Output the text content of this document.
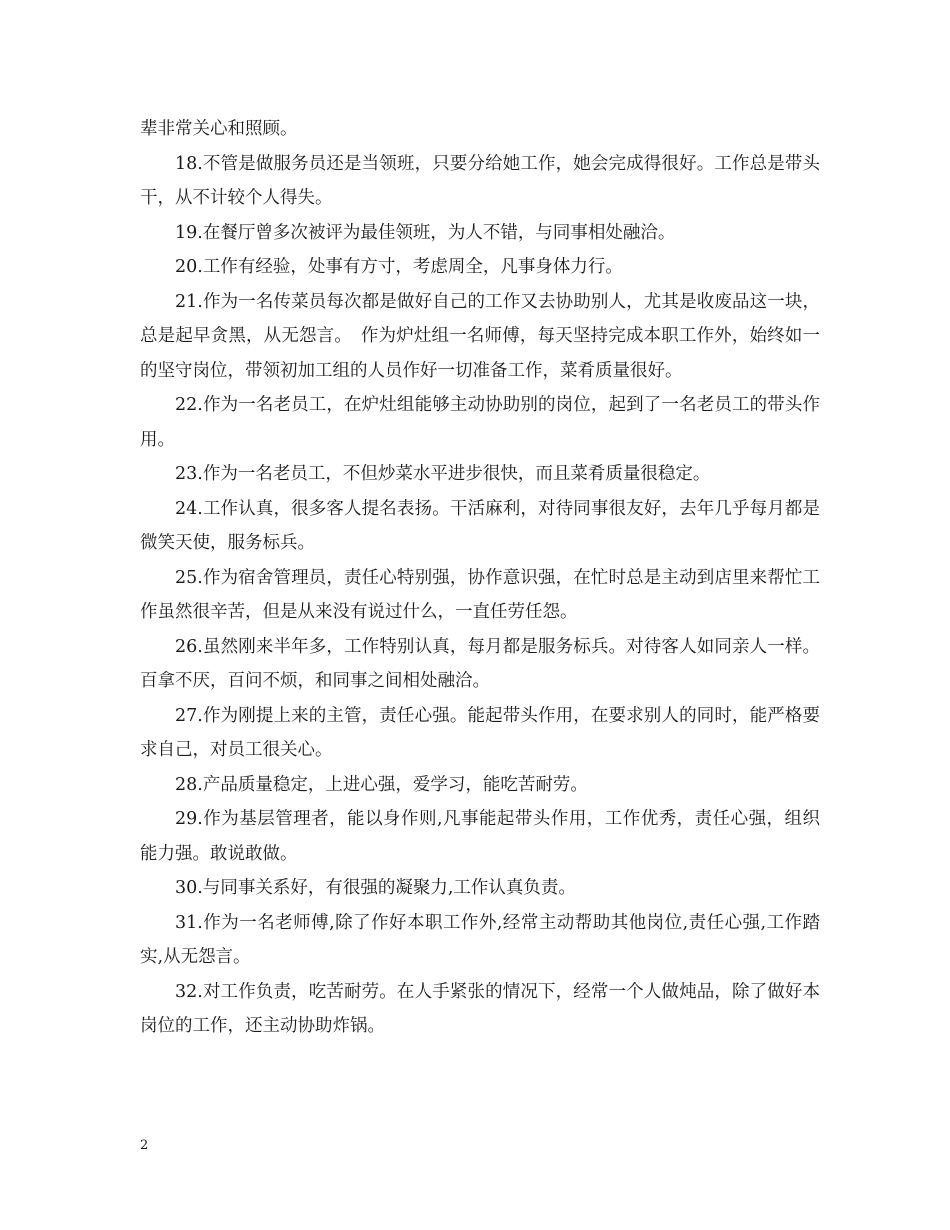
辈非常关心和照顾。

18.不管是做服务员还是当领班，只要分给她工作，她会完成得很好。工作总是带头干，从不计较个人得失。

19.在餐厅曾多次被评为最佳领班，为人不错，与同事相处融洽。

20.工作有经验，处事有方寸，考虑周全，凡事身体力行。

21.作为一名传菜员每次都是做好自己的工作又去协助别人，尤其是收废品这一块，总是起早贪黑，从无怨言。　作为炉灶组一名师傅，每天坚持完成本职工作外，始终如一的坚守岗位，带领初加工组的人员作好一切准备工作，菜肴质量很好。

22.作为一名老员工，在炉灶组能够主动协助别的岗位，起到了一名老员工的带头作用。

23.作为一名老员工，不但炒菜水平进步很快，而且菜肴质量很稳定。

24.工作认真，很多客人提名表扬。干活麻利，对待同事很友好，去年几乎每月都是微笑天使，服务标兵。

25.作为宿舍管理员，责任心特别强，协作意识强，在忙时总是主动到店里来帮忙工作虽然很辛苦，但是从来没有说过什么，一直任劳任怨。

26.虽然刚来半年多，工作特别认真，每月都是服务标兵。对待客人如同亲人一样。百拿不厌，百问不烦，和同事之间相处融洽。

27.作为刚提上来的主管，责任心强。能起带头作用，在要求别人的同时，能严格要求自己，对员工很关心。

28.产品质量稳定，上进心强，爱学习，能吃苦耐劳。

29.作为基层管理者，能以身作则,凡事能起带头作用，工作优秀，责任心强，组织能力强。敢说敢做。

30.与同事关系好，有很强的凝聚力,工作认真负责。

31.作为一名老师傅,除了作好本职工作外,经常主动帮助其他岗位,责任心强,工作踏实,从无怨言。

32.对工作负责，吃苦耐劳。在人手紧张的情况下，经常一个人做炖品，除了做好本岗位的工作，还主动协助炸锅。

2
